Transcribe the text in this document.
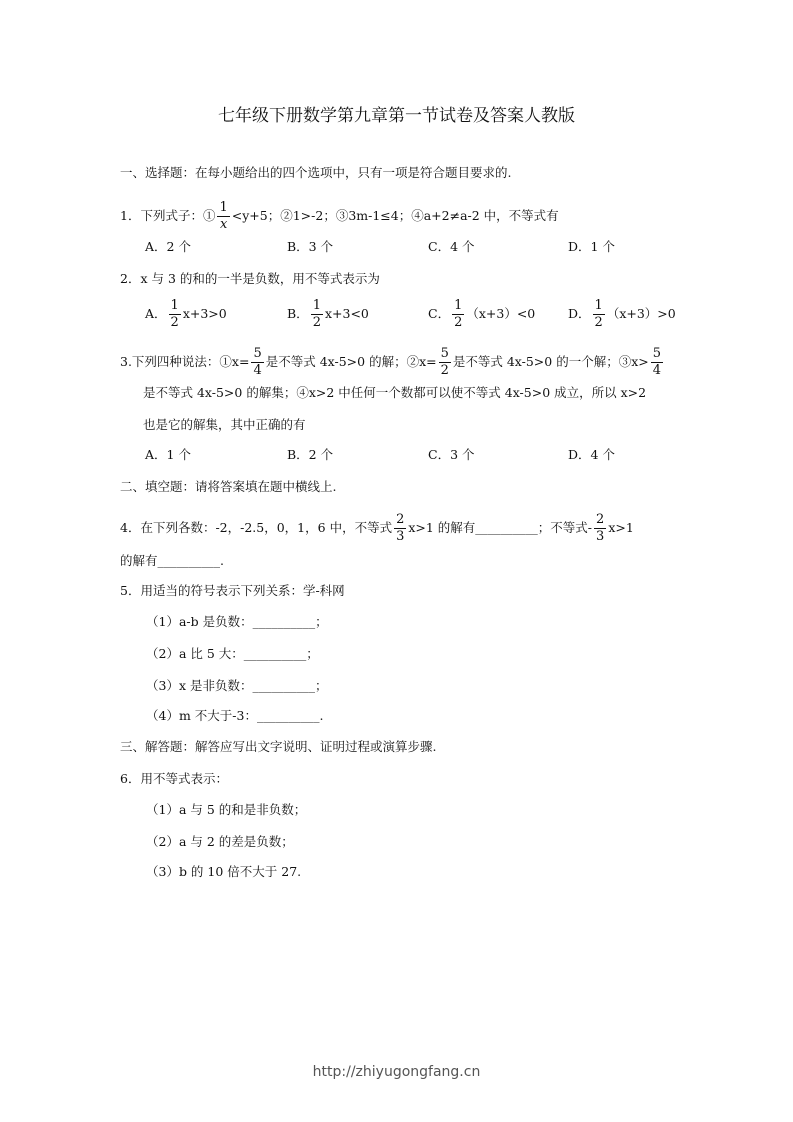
七年级下册数学第九章第一节试卷及答案人教版
一、选择题：在每小题给出的四个选项中，只有一项是符合题目要求的.
1．下列式子：① $\frac{1}{x} <y+5$；②1>-2；③3m-1≤4；④a+2≠a-2 中，不等式有
A．2 个	B．3 个	C．4 个	D．1 个
2．x 与 3 的和的一半是负数，用不等式表示为
A． $\frac{1}{2} x+3>0$	B． $\frac{1}{2} x+3<0$	C． $\frac{1}{2} (x+3)<0$	D． $\frac{1}{2} (x+3)>0$
3.下列四种说法：①x= $\frac{5}{4}$ 是不等式 4x-5>0 的解；②x= $\frac{5}{2}$ 是不等式 4x-5>0 的一个解；③x> $\frac{5}{4}$
是不等式 4x-5>0 的解集；④x>2 中任何一个数都可以使不等式 4x-5>0 成立，所以 x>2
也是它的解集，其中正确的有
A．1 个	B．2 个	C．3 个	D．4 个
二、填空题：请将答案填在题中横线上.
4．在下列各数：-2，-2.5，0，1，6 中，不等式 $\frac{2}{3} x>1$ 的解有__________；不等式- $\frac{2}{3} x>1$
的解有__________.
5．用适当的符号表示下列关系：学-科网
（1）a-b 是负数：__________；
（2）a 比 5 大：__________；
（3）x 是非负数：__________；
（4）m 不大于-3：__________.
三、解答题：解答应写出文字说明、证明过程或演算步骤.
6．用不等式表示：
（1）a 与 5 的和是非负数；
（2）a 与 2 的差是负数；
（3）b 的 10 倍不大于 27.
http://zhiyugongfang.cn
